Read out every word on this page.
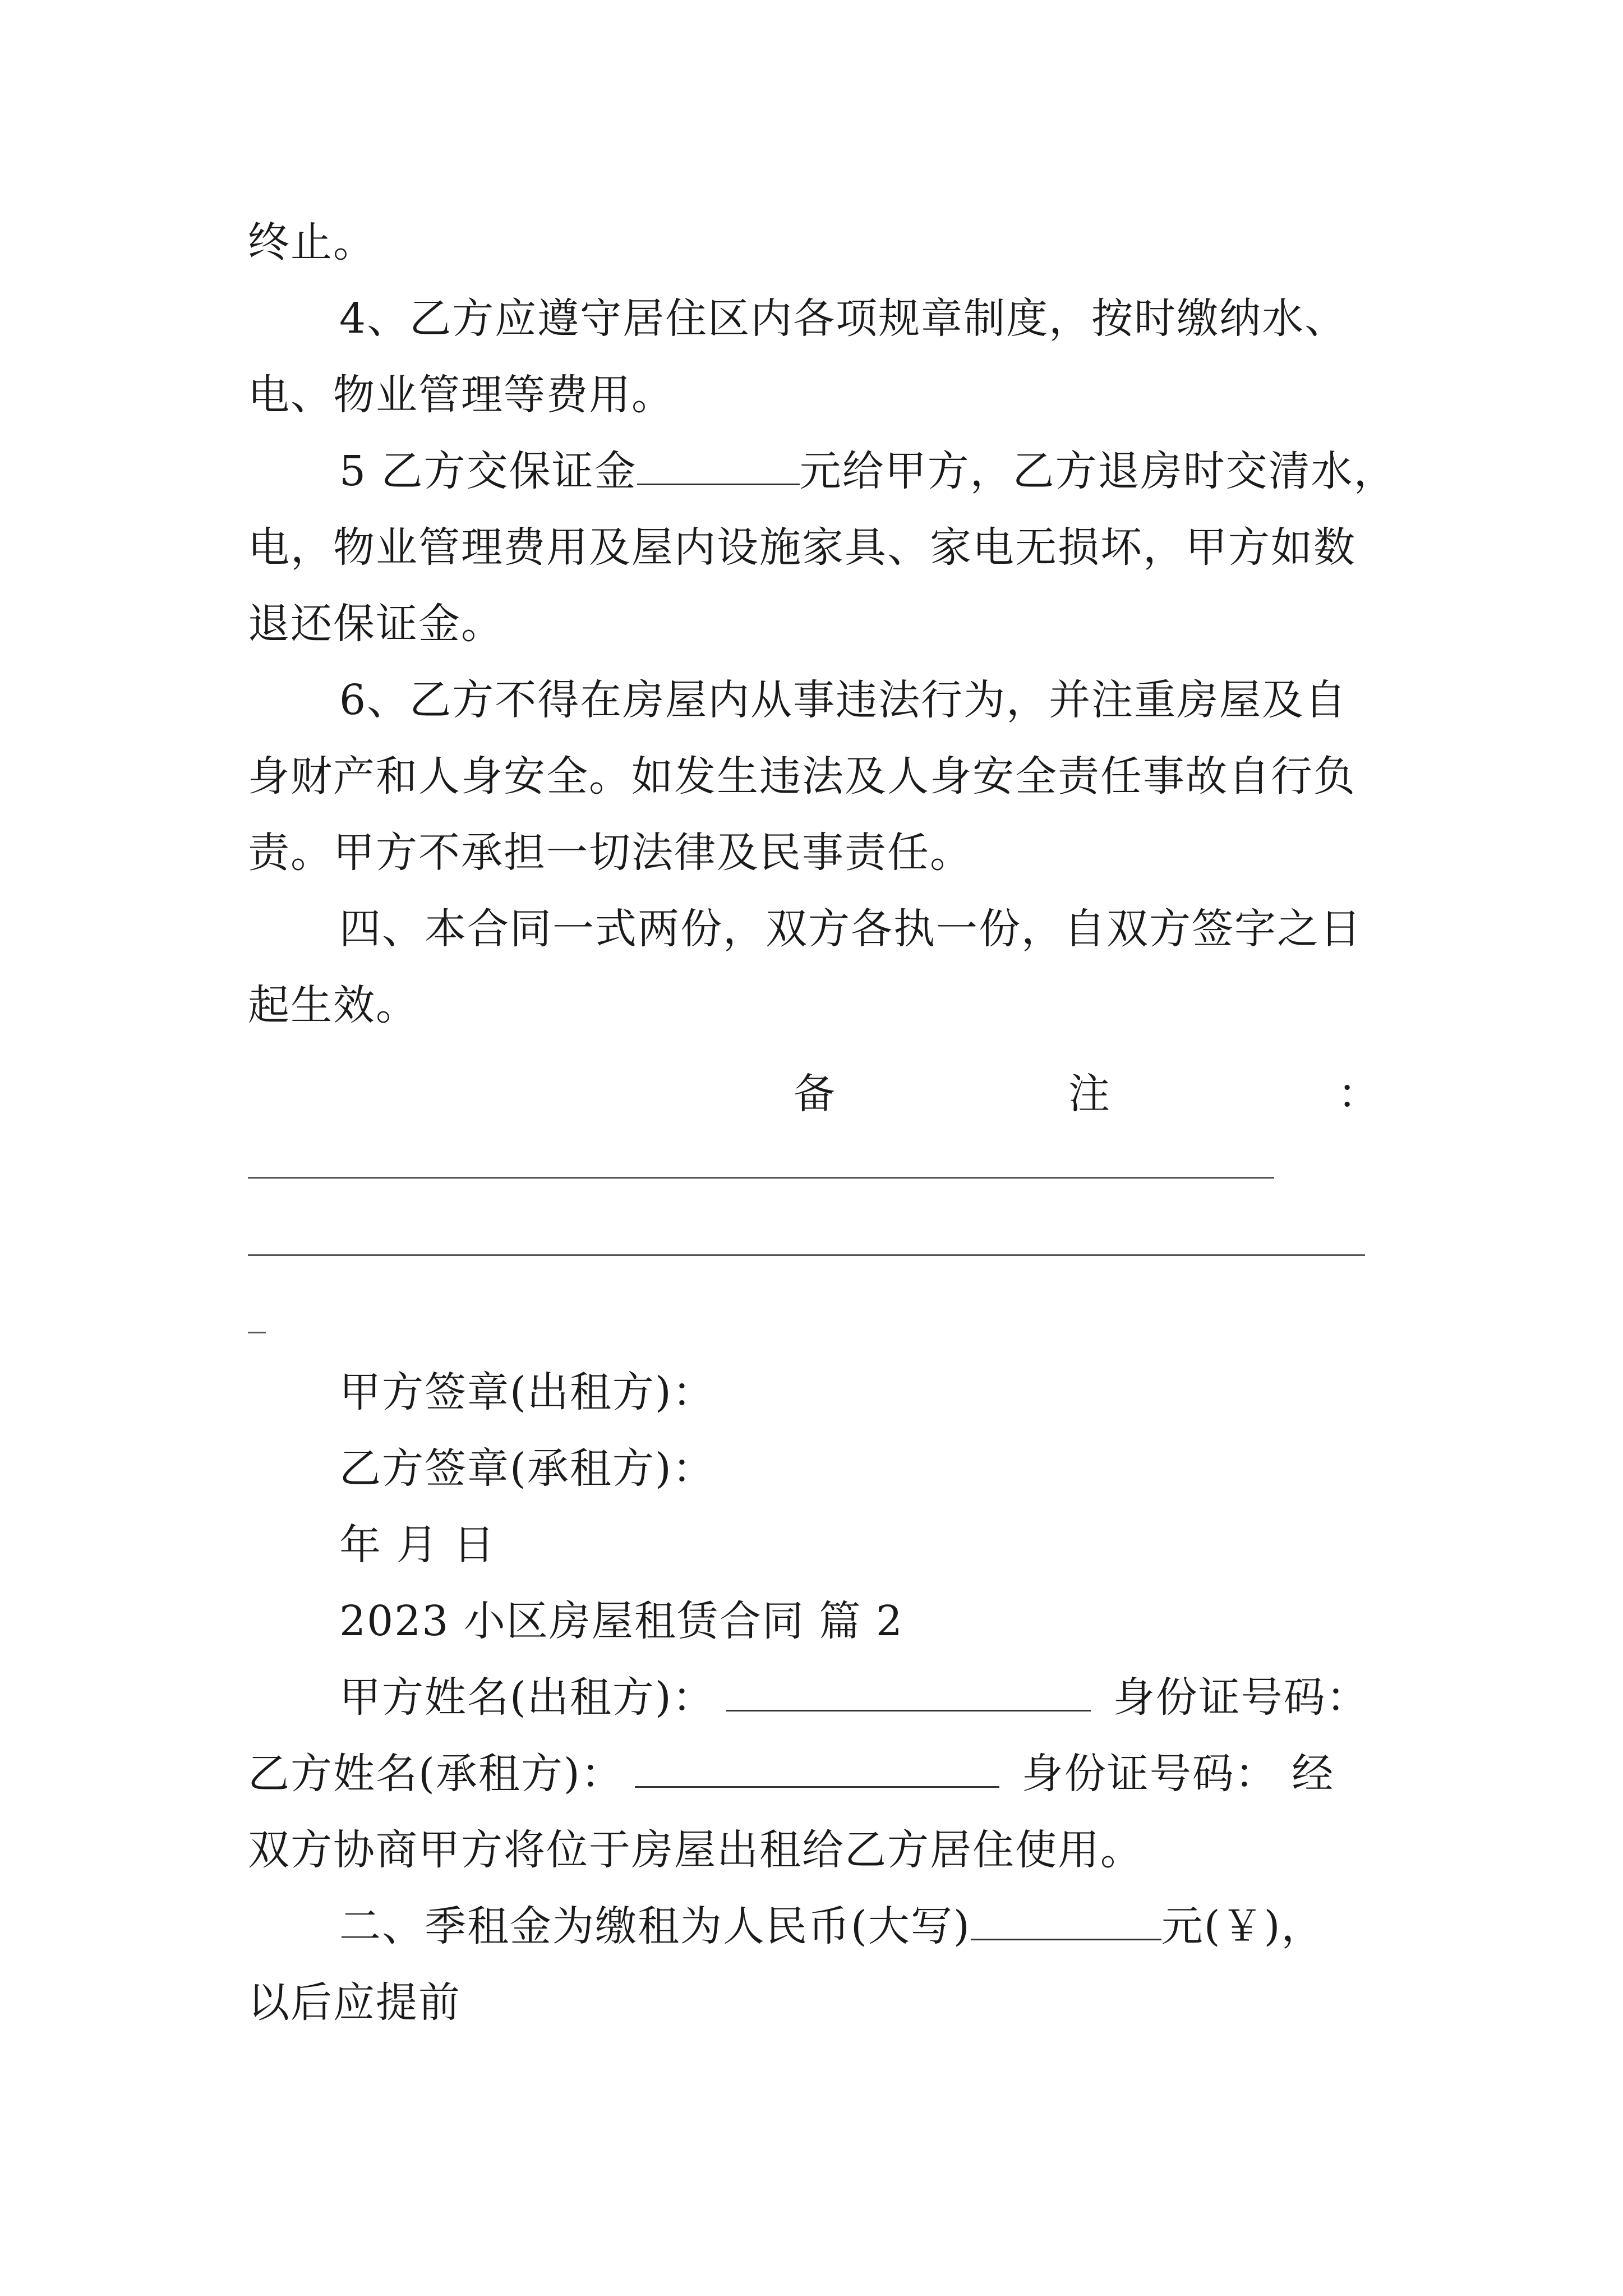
终止。
4、乙方应遵守居住区内各项规章制度，按时缴纳水、
电、物业管理等费用。
5 乙方交保证金	元给甲方，乙方退房时交清水，
电，物业管理费用及屋内设施家具、家电无损坏，甲方如数
退还保证金。
6、乙方不得在房屋内从事违法行为，并注重房屋及自
身财产和人身安全。如发生违法及人身安全责任事故自行负
责。甲方不承担一切法律及民事责任。
四、本合同一式两份，双方各执一份，自双方签字之日
起生效。
备	注	：
甲方签章(出租方)：
乙方签章(承租方)：
年 月 日
2023 小区房屋租赁合同 篇 2
甲方姓名(出租方)：	身份证号码：
乙方姓名(承租方)：	身份证号码： 经
双方协商甲方将位于房屋出租给乙方居住使用。
二、季租金为缴租为人民币(大写)	元(￥)，
以后应提前
